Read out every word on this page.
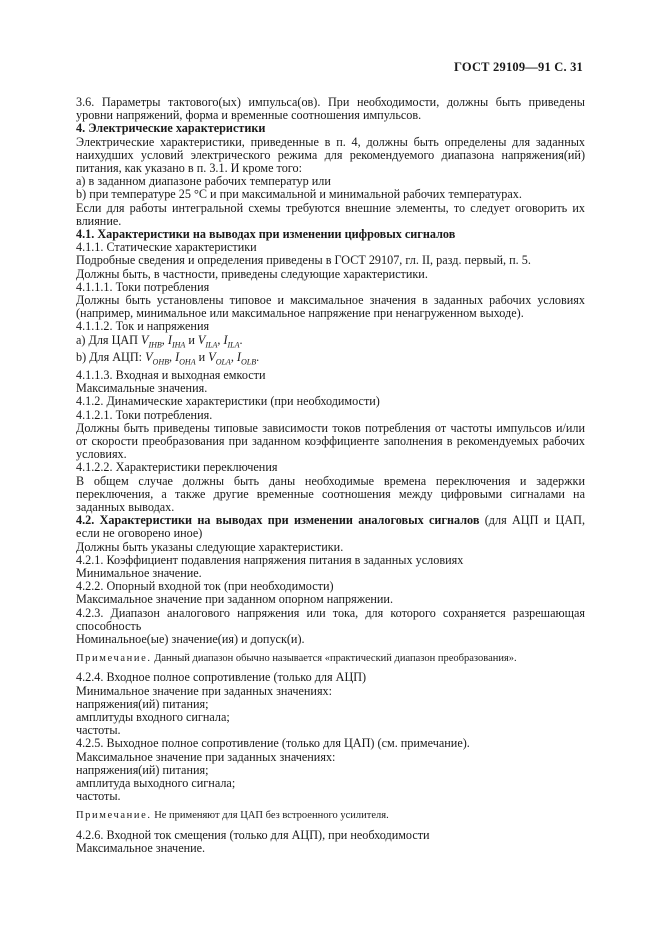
ГОСТ 29109—91 С. 31

3.6. Параметры тактового(ых) импульса(ов). При необходимости, должны быть приведены уровни напряжений, форма и временные соотношения импульсов.

4. Электрические характеристики

Электрические характеристики, приведенные в п. 4, должны быть определены для заданных наихудших условий электрического режима для рекомендуемого диапазона напряжения(ий) питания, как указано в п. 3.1. И кроме того:

a) в заданном диапазоне рабочих температур или

b) при температуре 25 °С и при максимальной и минимальной рабочих температурах.

Если для работы интегральной схемы требуются внешние элементы, то следует оговорить их влияние.

4.1. Характеристики на выводах при изменении цифровых сигналов

4.1.1. Статические характеристики

Подробные сведения и определения приведены в ГОСТ 29107, гл. II, разд. первый, п. 5.

Должны быть, в частности, приведены следующие характеристики.

4.1.1.1. Токи потребления

Должны быть установлены типовое и максимальное значения в заданных рабочих условиях (например, минимальное или максимальное напряжение при ненагруженном выходе).

4.1.1.2. Ток и напряжения

a) Для ЦАП $V_{IHB}$, $I_{IHA}$ и $V_{ILA}$, $I_{ILA}$.

b) Для АЦП: $V_{OHB}$, $I_{OHA}$ и $V_{OLA}$, $I_{OLB}$.

4.1.1.3. Входная и выходная емкости

Максимальные значения.

4.1.2. Динамические характеристики (при необходимости)

4.1.2.1. Токи потребления.

Должны быть приведены типовые зависимости токов потребления от частоты импульсов и/или от скорости преобразования при заданном коэффициенте заполнения в рекомендуемых рабочих условиях.

4.1.2.2. Характеристики переключения

В общем случае должны быть даны необходимые времена переключения и задержки переключения, а также другие временные соотношения между цифровыми сигналами на заданных выводах.

4.2. Характеристики на выводах при изменении аналоговых сигналов (для АЦП и ЦАП, если не оговорено иное)

Должны быть указаны следующие характеристики.

4.2.1. Коэффициент подавления напряжения питания в заданных условиях

Минимальное значение.

4.2.2. Опорный входной ток (при необходимости)

Максимальное значение при заданном опорном напряжении.

4.2.3. Диапазон аналогового напряжения или тока, для которого сохраняется разрешающая способность

Номинальное(ые) значение(ия) и допуск(и).

Примечание. Данный диапазон обычно называется «практический диапазон преобразования».

4.2.4. Входное полное сопротивление (только для АЦП)

Минимальное значение при заданных значениях:

напряжения(ий) питания;

амплитуды входного сигнала;

частоты.

4.2.5. Выходное полное сопротивление (только для ЦАП) (см. примечание).

Максимальное значение при заданных значениях:

напряжения(ий) питания;

амплитуда выходного сигнала;

частоты.

Примечание. Не применяют для ЦАП без встроенного усилителя.

4.2.6. Входной ток смещения (только для АЦП), при необходимости

Максимальное значение.
